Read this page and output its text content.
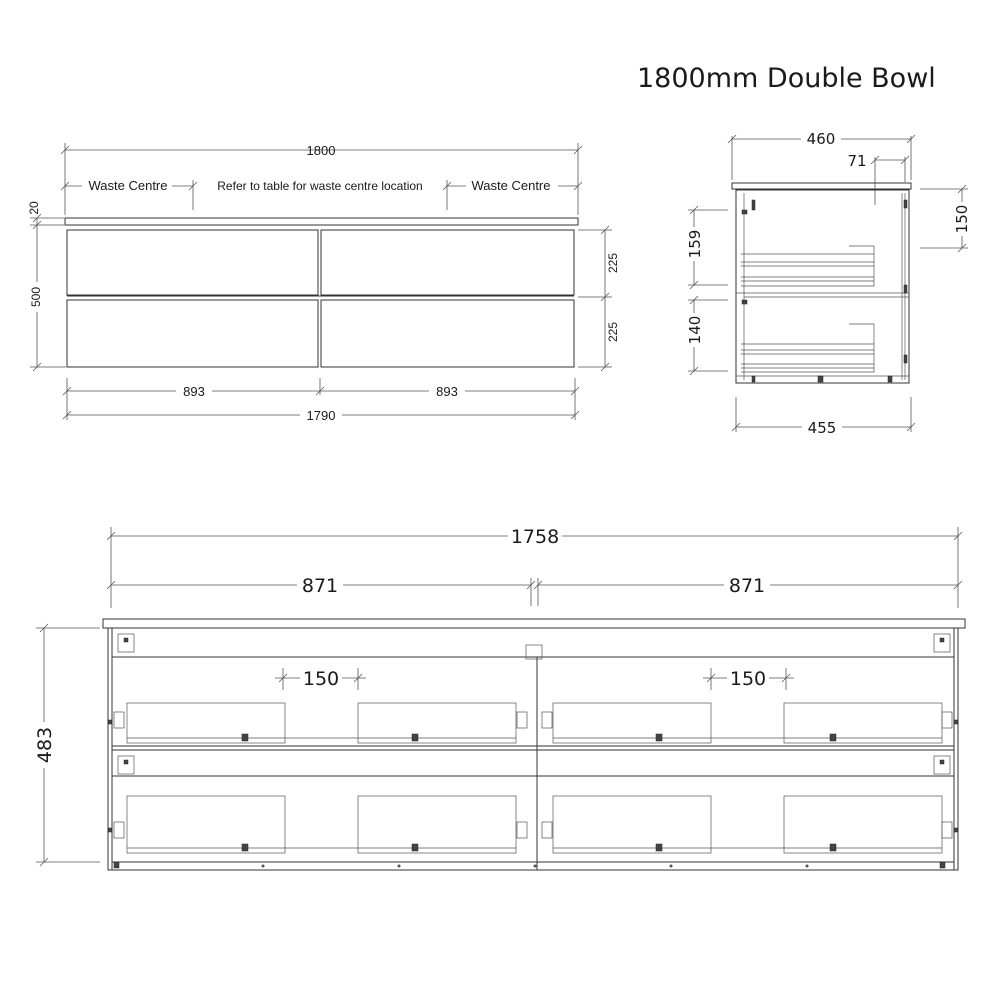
1800mm Double Bowl
1800
Waste Centre	Waste Centre
Refer to table for waste centre location
20
500
225
225
893	893
1790
460
71
150
159
140
455
1758
871	871
150	150
483
